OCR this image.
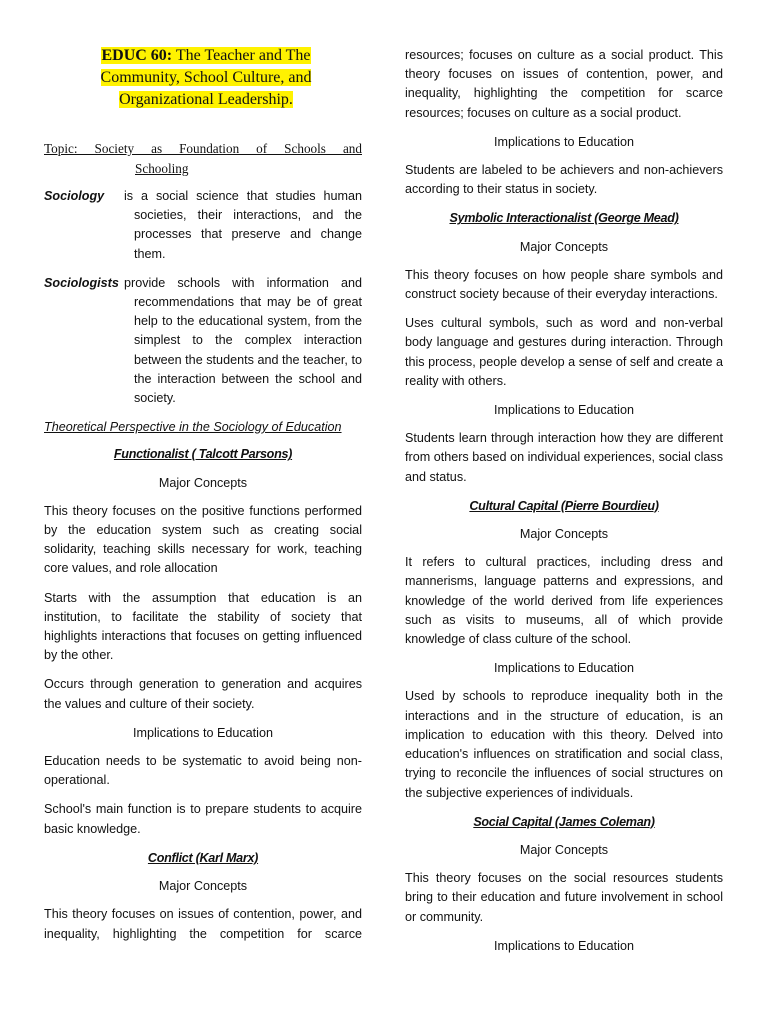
EDUC 60: The Teacher and The
Community, School Culture, and
Organizational Leadership.
Topic: Society as Foundation of Schools and
Schooling
Sociology	is a social science that studies human
societies, their interactions, and the processes that preserve and change them.
Sociologists provide schools with information and
recommendations that may be of great help to the educational system, from the simplest to the complex interaction between the students and the teacher, to the interaction between the school and society.
Theoretical Perspective in the Sociology of Education
Functionalist ( Talcott Parsons)
Major Concepts

This theory focuses on the positive functions performed by the education system such as creating social solidarity, teaching skills necessary for work, teaching core values, and role allocation

Starts with the assumption that education is an institution, to facilitate the stability of society that highlights interactions that focuses on getting influenced by the other.

Occurs through generation to generation and acquires the values and culture of their society.

Implications to Education

Education needs to be systematic to avoid being non-operational.

School's main function is to prepare students to acquire basic knowledge.

Conflict (Karl Marx)
Major Concepts

This theory focuses on issues of contention, power, and inequality, highlighting the competition for scarce

resources; focuses on culture as a social product. This theory focuses on issues of contention, power, and inequality, highlighting the competition for scarce resources; focuses on culture as a social product.

Implications to Education

Students are labeled to be achievers and non-achievers according to their status in society.

Symbolic Interactionalist (George Mead)
Major Concepts

This theory focuses on how people share symbols and construct society because of their everyday interactions.

Uses cultural symbols, such as word and non-verbal body language and gestures during interaction. Through this process, people develop a sense of self and create a reality with others.

Implications to Education

Students learn through interaction how they are different from others based on individual experiences, social class and status.

Cultural Capital (Pierre Bourdieu)
Major Concepts

It refers to cultural practices, including dress and mannerisms, language patterns and expressions, and knowledge of the world derived from life experiences such as visits to museums, all of which provide knowledge of class culture of the school.

Implications to Education

Used by schools to reproduce inequality both in the interactions and in the structure of education, is an implication to education with this theory. Delved into education's influences on stratification and social class, trying to reconcile the influences of social structures on the subjective experiences of individuals.

Social Capital (James Coleman)
Major Concepts

This theory focuses on the social resources students bring to their education and future involvement in school or community.

Implications to Education
